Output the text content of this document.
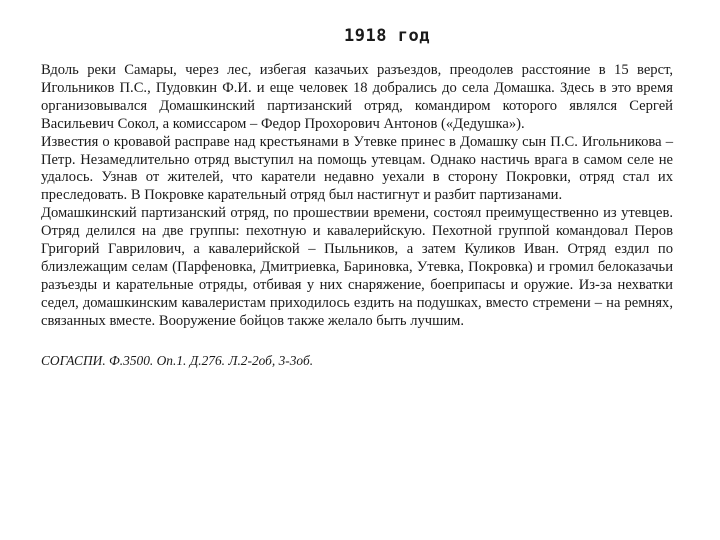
1918 год

Вдоль реки Самары, через лес, избегая казачьих разъездов, преодолев расстояние в 15 верст, Игольников П.С., Пудовкин Ф.И. и еще человек 18 добрались до села Домашка. Здесь в это время организовывался Домашкинский партизанский отряд, командиром которого являлся Сергей Васильевич Сокол, а комиссаром – Федор Прохорович Антонов («Дедушка»).

Известия о кровавой расправе над крестьянами в Утевке принес в Домашку сын П.С. Игольникова – Петр. Незамедлительно отряд выступил на помощь утевцам. Однако настичь врага в самом селе не удалось. Узнав от жителей, что каратели недавно уехали в сторону Покровки, отряд стал их преследовать. В Покровке карательный отряд был настигнут и разбит партизанами.

Домашкинский партизанский отряд, по прошествии времени, состоял преимущественно из утевцев. Отряд делился на две группы: пехотную и кавалерийскую. Пехотной группой командовал Перов Григорий Гаврилович, а кавалерийской – Пыльников, а затем Куликов Иван. Отряд ездил по близлежащим селам (Парфеновка, Дмитриевка, Бариновка, Утевка, Покровка) и громил белоказачьи разъезды и карательные отряды, отбивая у них снаряжение, боеприпасы и оружие. Из-за нехватки седел, домашкинским кавалеристам приходилось ездить на подушках, вместо стремени – на ремнях, связанных вместе. Вооружение бойцов также желало быть лучшим.

СОГАСПИ. Ф.3500. Оп.1. Д.276. Л.2-2об, 3-3об.
